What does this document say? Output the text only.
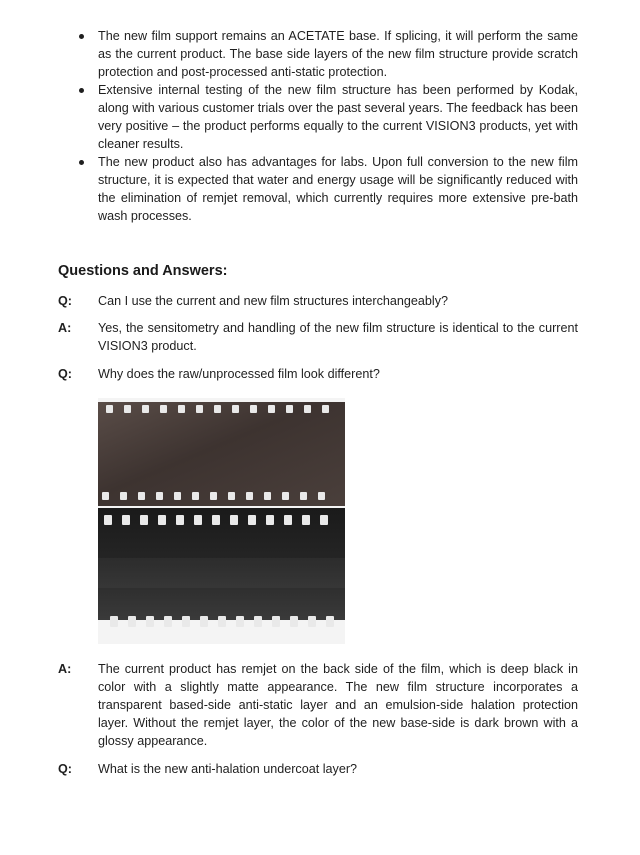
The new film support remains an ACETATE base. If splicing, it will perform the same as the current product. The base side layers of the new film structure provide scratch protection and post-processed anti-static protection.
Extensive internal testing of the new film structure has been performed by Kodak, along with various customer trials over the past several years. The feedback has been very positive – the product performs equally to the current VISION3 products, yet with cleaner results.
The new product also has advantages for labs. Upon full conversion to the new film structure, it is expected that water and energy usage will be significantly reduced with the elimination of remjet removal, which currently requires more extensive pre-bath wash processes.
Questions and Answers:
Q: Can I use the current and new film structures interchangeably?
A: Yes, the sensitometry and handling of the new film structure is identical to the current VISION3 product.
Q: Why does the raw/unprocessed film look different?
A: The current product has remjet on the back side of the film, which is deep black in color with a slightly matte appearance. The new film structure incorporates a transparent based-side anti-static layer and an emulsion-side halation protection layer. Without the remjet layer, the color of the new base-side is dark brown with a glossy appearance.
Q: What is the new anti-halation undercoat layer?
